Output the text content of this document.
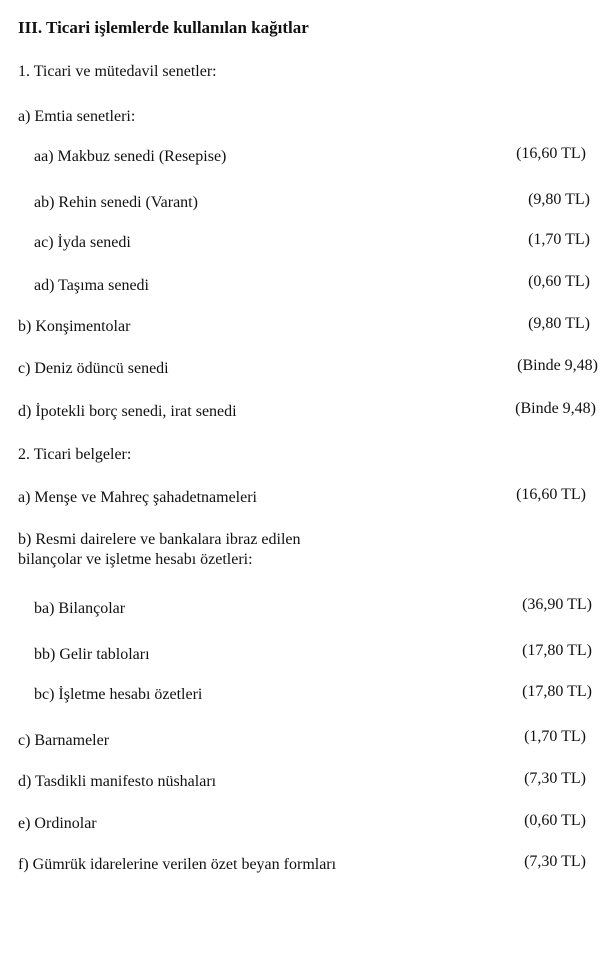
III. Ticari işlemlerde kullanılan kağıtlar
1. Ticari ve mütedavil senetler:
a) Emtia senetleri:
aa) Makbuz senedi (Resepise)	(16,60 TL)
ab) Rehin senedi (Varant)	(9,80 TL)
ac) İyda senedi	(1,70 TL)
ad) Taşıma senedi	(0,60 TL)
b) Konşimentolar	(9,80 TL)
c) Deniz ödüncü senedi	(Binde 9,48)
d) İpotekli borç senedi, irat senedi	(Binde 9,48)
2. Ticari belgeler:
a) Menşe ve Mahreç şahadetnameleri	(16,60 TL)
b) Resmi dairelere ve bankalara ibraz edilen
bilançolar ve işletme hesabı özetleri:
ba) Bilançolar	(36,90 TL)
bb) Gelir tabloları	(17,80 TL)
bc) İşletme hesabı özetleri	(17,80 TL)
c) Barnameler	(1,70 TL)
d) Tasdikli manifesto nüshaları	(7,30 TL)
e) Ordinolar	(0,60 TL)
f) Gümrük idarelerine verilen özet beyan formları	(7,30 TL)
